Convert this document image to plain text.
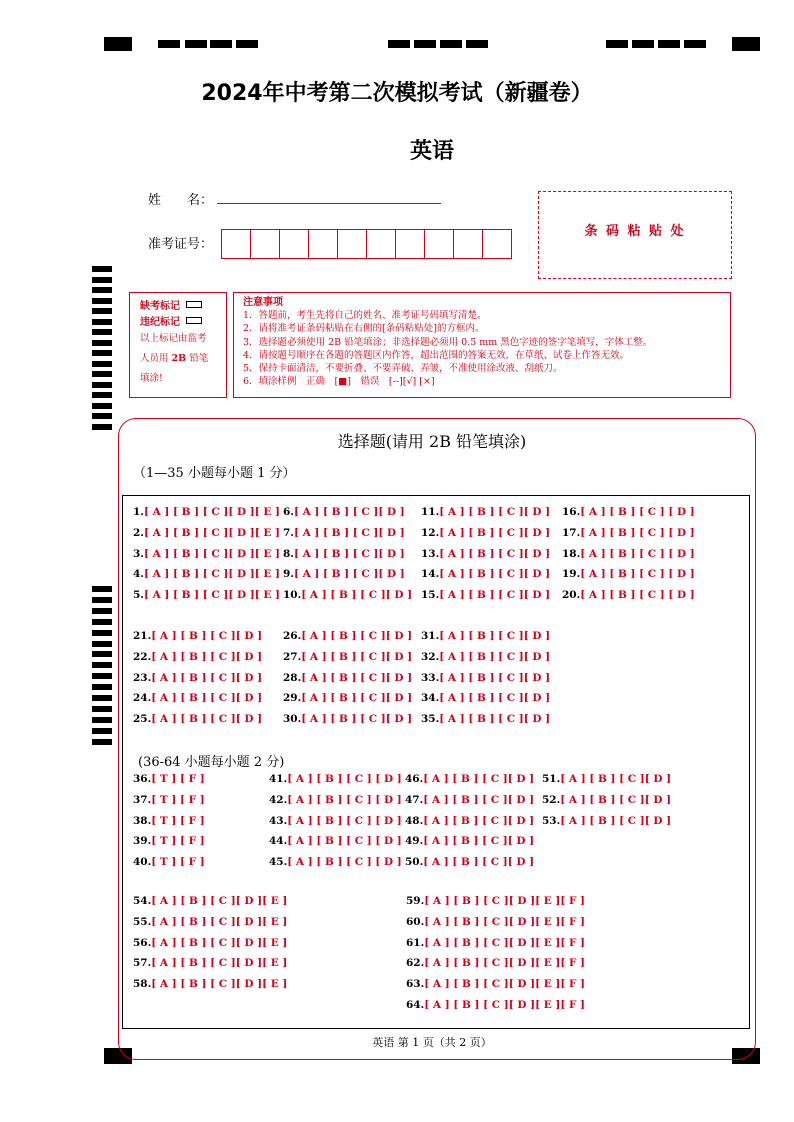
2024年中考第二次模拟考试（新疆卷）
英语
姓　　名：
准考证号：
条 码 粘 贴 处
缺考标记
违纪标记
以上标记由监考
人员用 2B 铅笔
填涂!
注意事项
1．答题前，考生先将自己的姓名、准考证号码填写清楚。
2．请将准考证条码粘贴在右侧的[条码粘贴处]的方框内。
3．选择题必须使用 2B 铅笔填涂；非选择题必须用 0.5 mm 黑色字迹的签字笔填写，字体工整。
4．请按题号顺序在各题的答题区内作答，超出范围的答案无效，在草纸、试卷上作答无效。
5．保持卡面清洁，不要折叠、不要弄破、弄皱，不准使用涂改液、刮纸刀。
6．填涂样例　正确　[■]　错误　[--][√] [×]
选择题(请用 2B 铅笔填涂)
（1—35 小题每小题 1 分）
1.[ A ] [ B ] [ C ][ D ][ E ]
2.[ A ] [ B ] [ C ][ D ][ E ]
3.[ A ] [ B ] [ C ][ D ][ E ]
4.[ A ] [ B ] [ C ][ D ][ E ]
5.[ A ] [ B ] [ C ][ D ][ E ]
6.[ A ] [ B ] [ C ][ D ]
7.[ A ] [ B ] [ C ][ D ]
8.[ A ] [ B ] [ C ][ D ]
9.[ A ] [ B ] [ C ][ D ]
10.[ A ] [ B ] [ C ][ D ]
11.[ A ] [ B ] [ C ][ D ]
12.[ A ] [ B ] [ C ][ D ]
13.[ A ] [ B ] [ C ][ D ]
14.[ A ] [ B ] [ C ][ D ]
15.[ A ] [ B ] [ C ][ D ]
16.[ A ] [ B ] [ C ] [ D ]
17.[ A ] [ B ] [ C ] [ D ]
18.[ A ] [ B ] [ C ] [ D ]
19.[ A ] [ B ] [ C ] [ D ]
20.[ A ] [ B ] [ C ] [ D ]
21.[ A ] [ B ] [ C ][ D ]
22.[ A ] [ B ] [ C ][ D ]
23.[ A ] [ B ] [ C ][ D ]
24.[ A ] [ B ] [ C ][ D ]
25.[ A ] [ B ] [ C ][ D ]
26.[ A ] [ B ] [ C ][ D ]
27.[ A ] [ B ] [ C ][ D ]
28.[ A ] [ B ] [ C ][ D ]
29.[ A ] [ B ] [ C ][ D ]
30.[ A ] [ B ] [ C ][ D ]
31.[ A ] [ B ] [ C ][ D ]
32.[ A ] [ B ] [ C ][ D ]
33.[ A ] [ B ] [ C ][ D ]
34.[ A ] [ B ] [ C ][ D ]
35.[ A ] [ B ] [ C ][ D ]
(36-64 小题每小题 2 分)
36.[ T ] [ F ]
37.[ T ] [ F ]
38.[ T ] [ F ]
39.[ T ] [ F ]
40.[ T ] [ F ]
41.[ A ] [ B ] [ C ] [ D ]
42.[ A ] [ B ] [ C ] [ D ]
43.[ A ] [ B ] [ C ] [ D ]
44.[ A ] [ B ] [ C ] [ D ]
45.[ A ] [ B ] [ C ] [ D ]
46.[ A ] [ B ] [ C ][ D ]
47.[ A ] [ B ] [ C ][ D ]
48.[ A ] [ B ] [ C ][ D ]
49.[ A ] [ B ] [ C ][ D ]
50.[ A ] [ B ] [ C ][ D ]
51.[ A ] [ B ] [ C ][ D ]
52.[ A ] [ B ] [ C ][ D ]
53.[ A ] [ B ] [ C ][ D ]
54.[ A ] [ B ] [ C ][ D ][ E ]
55.[ A ] [ B ] [ C ][ D ][ E ]
56.[ A ] [ B ] [ C ][ D ][ E ]
57.[ A ] [ B ] [ C ][ D ][ E ]
58.[ A ] [ B ] [ C ][ D ][ E ]
59.[ A ] [ B ] [ C ][ D ][ E ][ F ]
60.[ A ] [ B ] [ C ][ D ][ E ][ F ]
61.[ A ] [ B ] [ C ][ D ][ E ][ F ]
62.[ A ] [ B ] [ C ][ D ][ E ][ F ]
63.[ A ] [ B ] [ C ][ D ][ E ][ F ]
64.[ A ] [ B ] [ C ][ D ][ E ][ F ]
英语 第 1 页（共 2 页）
